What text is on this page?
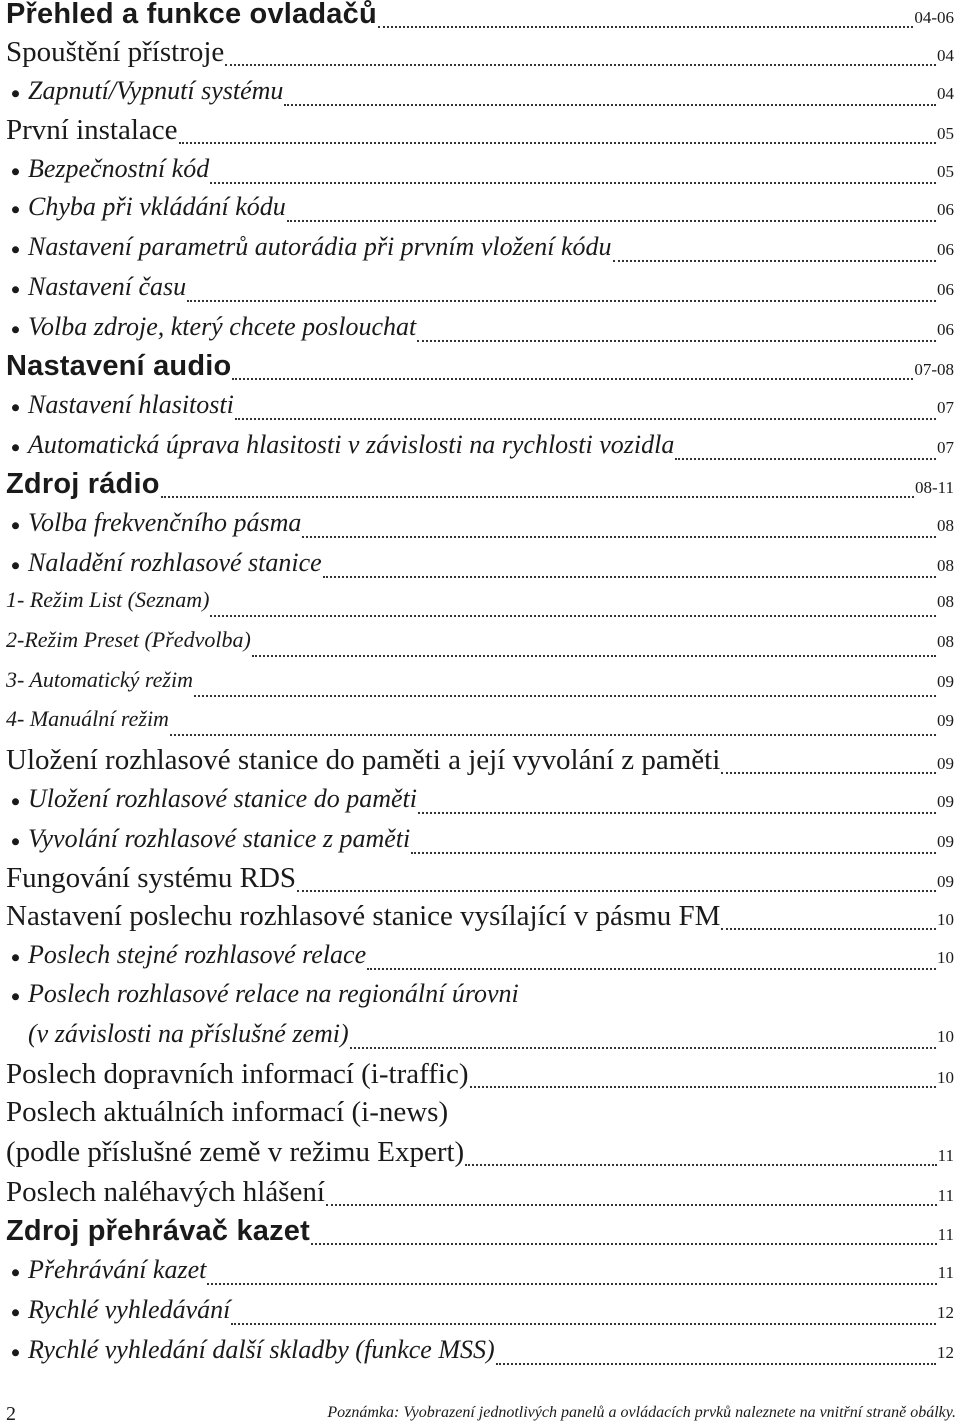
Přehled a funkce ovladačů	04-06
Spouštění přístroje	04
Zapnutí/Vypnutí systému	04
První instalace	05
Bezpečnostní kód	05
Chyba při vkládání kódu	06
Nastavení parametrů autorádia při prvním vložení kódu	06
Nastavení času	06
Volba zdroje, který chcete poslouchat	06
Nastavení audio	07-08
Nastavení hlasitosti	07
Automatická úprava hlasitosti v závislosti na rychlosti vozidla	07
Zdroj rádio	08-11
Volba frekvenčního pásma	08
Naladění rozhlasové stanice	08
1- Režim List (Seznam)	08
2-Režim Preset (Předvolba)	08
3- Automatický režim	09
4- Manuální režim	09
Uložení rozhlasové stanice do paměti a její vyvolání z paměti	09
Uložení rozhlasové stanice do paměti	09
Vyvolání rozhlasové stanice z paměti	09
Fungování systému RDS	09
Nastavení poslechu rozhlasové stanice vysílající v pásmu FM	10
Poslech stejné rozhlasové relace	10
Poslech rozhlasové relace na regionální úrovni
(v závislosti na příslušné zemi)	10
Poslech dopravních informací (i-traffic)	10
Poslech aktuálních informací (i-news)
(podle příslušné země v režimu Expert)	11
Poslech naléhavých hlášení	11
Zdroj přehrávač kazet	11
Přehrávání kazet	11
Rychlé vyhledávání	12
Rychlé vyhledání další skladby (funkce MSS)	12
2	Poznámka: Vyobrazení jednotlivých panelů a ovládacích prvků naleznete na vnitřní straně obálky.
